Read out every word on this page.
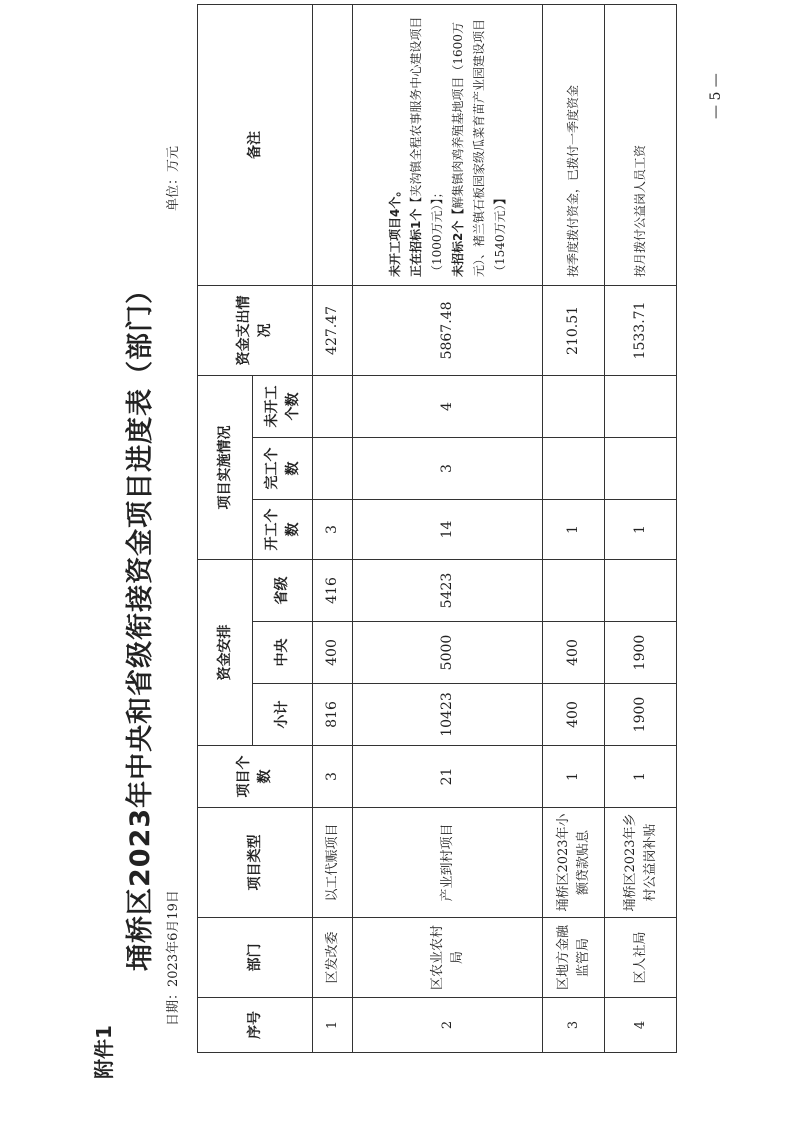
附件1
埇桥区2023年中央和省级衔接资金项目进度表（部门） 日期：2023年6月19日
单位：万元
序号	部门	项目类型	项目个数	资金安排			项目实施情况			资金支出情况	备注
				小计	中央	省级	开工个数	完工个数	未开工个数		
1	区发改委	以工代赈项目	3	816	400	416	3			427.47	
2	区农业农村局	产业到村项目	21	10423	5000	5423	14	3	4	5867.48	未开工项目4个。 正在招标1个【夹沟镇全程农事服务中心建设项目（1000万元）】； 未招标2个【解集镇肉鸡养殖基地项目（1600万元）、褚兰镇石板园家级瓜菜育苗产业园建设项目（1540万元）】
3	区地方金融监管局	埇桥区2023年小额贷款贴息	1	400	400		1			210.51	按季度拨付资金，已拨付一季度资金
4	区人社局	埇桥区2023年乡村公益岗补贴	1	1900	1900		1			1533.71	按月拨付公益岗人员工资
— 5 —
